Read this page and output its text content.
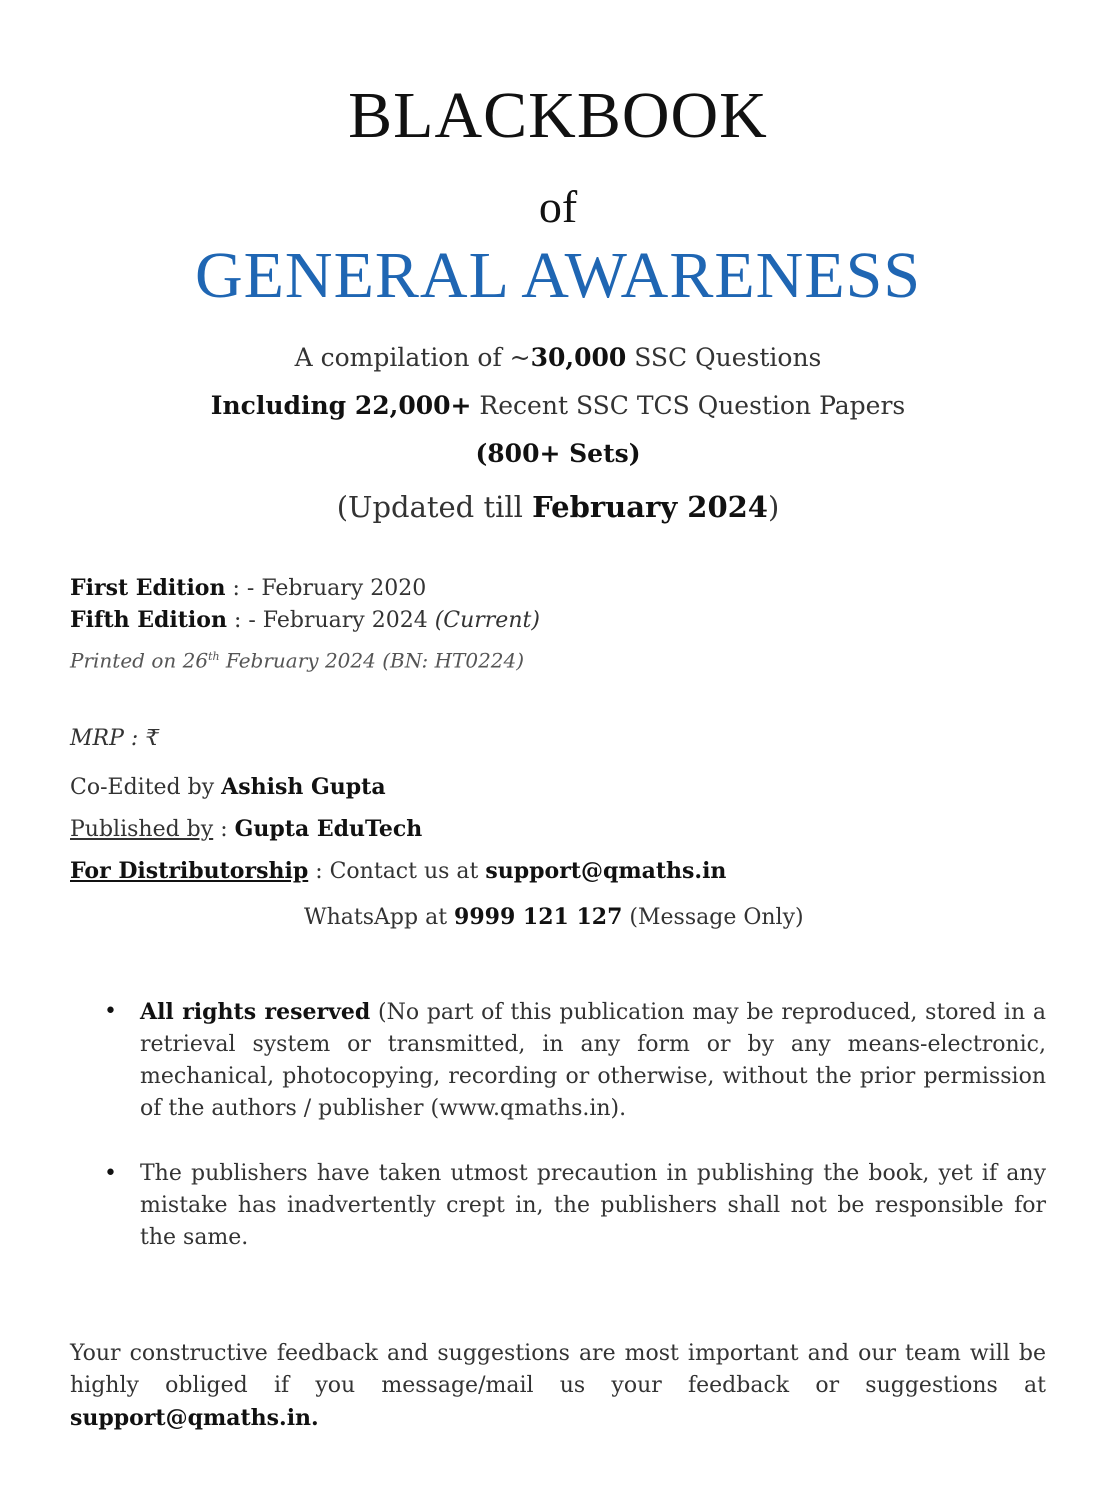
BLACKBOOK
of
GENERAL AWARENESS
A compilation of ~30,000 SSC Questions
Including 22,000+ Recent SSC TCS Question Papers
(800+ Sets)
(Updated till February 2024)
First Edition : - February 2020
Fifth Edition : - February 2024 (Current)
Printed on 26th February 2024 (BN: HT0224)
MRP : ₹
Co-Edited by Ashish Gupta
Published by : Gupta EduTech
For Distributorship : Contact us at support@qmaths.in
WhatsApp at 9999 121 127 (Message Only)
• All rights reserved (No part of this publication may be reproduced, stored in a retrieval system or transmitted, in any form or by any means-electronic, mechanical, photocopying, recording or otherwise, without the prior permission of the authors / publisher (www.qmaths.in).
• The publishers have taken utmost precaution in publishing the book, yet if any mistake has inadvertently crept in, the publishers shall not be responsible for the same.
Your constructive feedback and suggestions are most important and our team will be highly obliged if you message/mail us your feedback or suggestions at support@qmaths.in.
